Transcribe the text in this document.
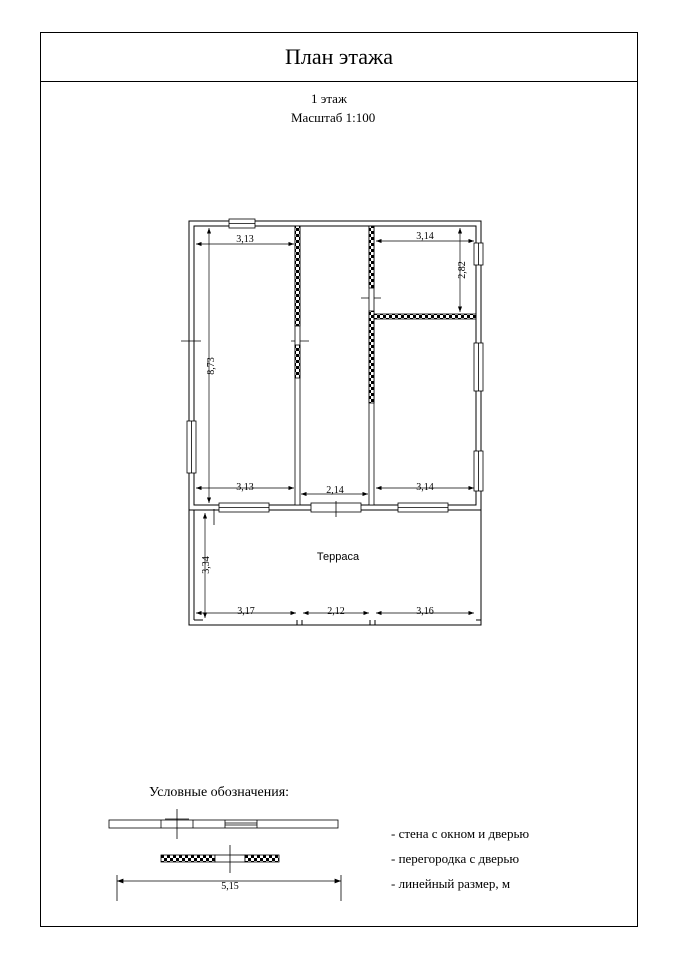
План этажа
1 этаж
Масштаб 1:100
3,13	3,14
2,82
8,73
3,13	2,14	3,14
3,34
3,17	2,12	3,16
Терраса
5,15
Условные обозначения:
- стена с окном и дверью
- перегородка с дверью
- линейный размер, м
